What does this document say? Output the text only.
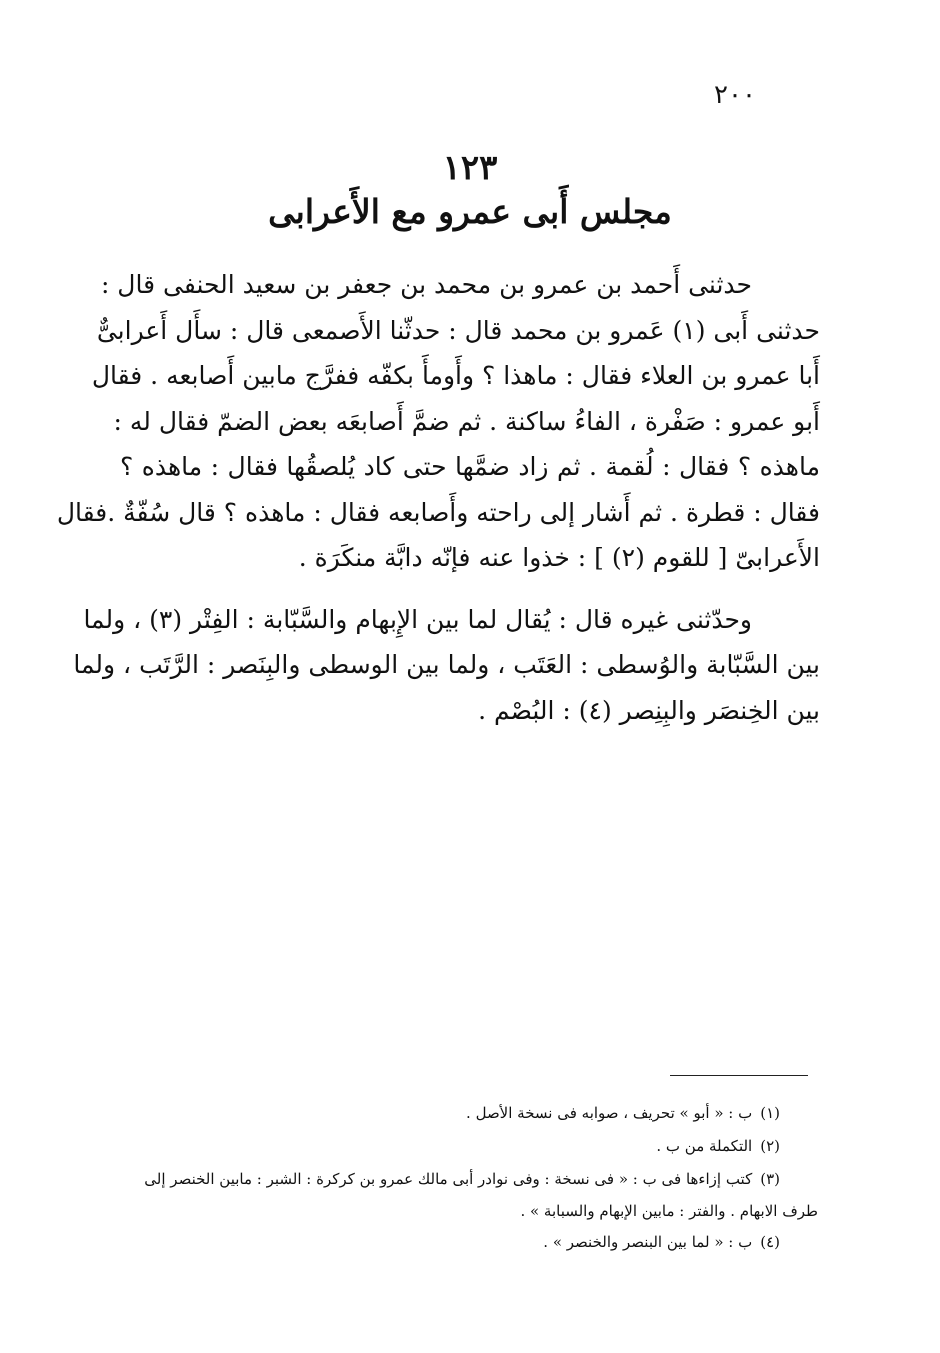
٢٠٠
١٢٣
مجلس أَبى عمرو مع الأَعرابى
حدثنى أَحمد بن عمرو بن محمد بن جعفر بن سعيد الحنفى قال :
حدثنى أَبى (١) عَمرو بن محمد قال : حدثّنا الأَصمعى قال : سأَل أَعرابىٌّ
أَبا عمرو بن العلاء فقال : ماهذا ؟ وأَومأَ بكفّه ففرَّج مابين أَصابعه . فقال
أَبو عمرو : صَفْرة ، الفاءُ ساكنة . ثم ضمَّ أَصابعَه بعض الضمّ فقال له :
ماهذه ؟ فقال : لُقمة . ثم زاد ضمَّها حتى كاد يُلصقُها فقال : ماهذه ؟
فقال : قطرة . ثم أَشار إلى راحته وأَصابعه فقال : ماهذه ؟ قال سُفّةٌ .فقال
الأَعرابىّ [ للقوم (٢) ] : خذوا عنه فإنّه دابَّة منكَرَة .
وحدّثنى غيره قال : يُقال لما بين الإِبهام والسَّبّابة : الفِتْر (٣) ، ولما
بين السَّبّابة والوُسطى : العَتَب ، ولما بين الوسطى والبِنَصر : الرَّتَب ، ولما
بين الخِنصَر والبِنِصر (٤) : البُصْم .
(١)ب : « أبو » تحريف ، صوابه فى نسخة الأصل .
(٢)التكملة من ب .
(٣)كتب إزاءها فى ب : « فى نسخة : وفى نوادر أبى مالك عمرو بن كركرة : الشبر : مابين الخنصر إلى
طرف الابهام . والفتر : مابين الإبهام والسبابة » .
(٤)ب : « لما بين البنصر والخنصر » .
